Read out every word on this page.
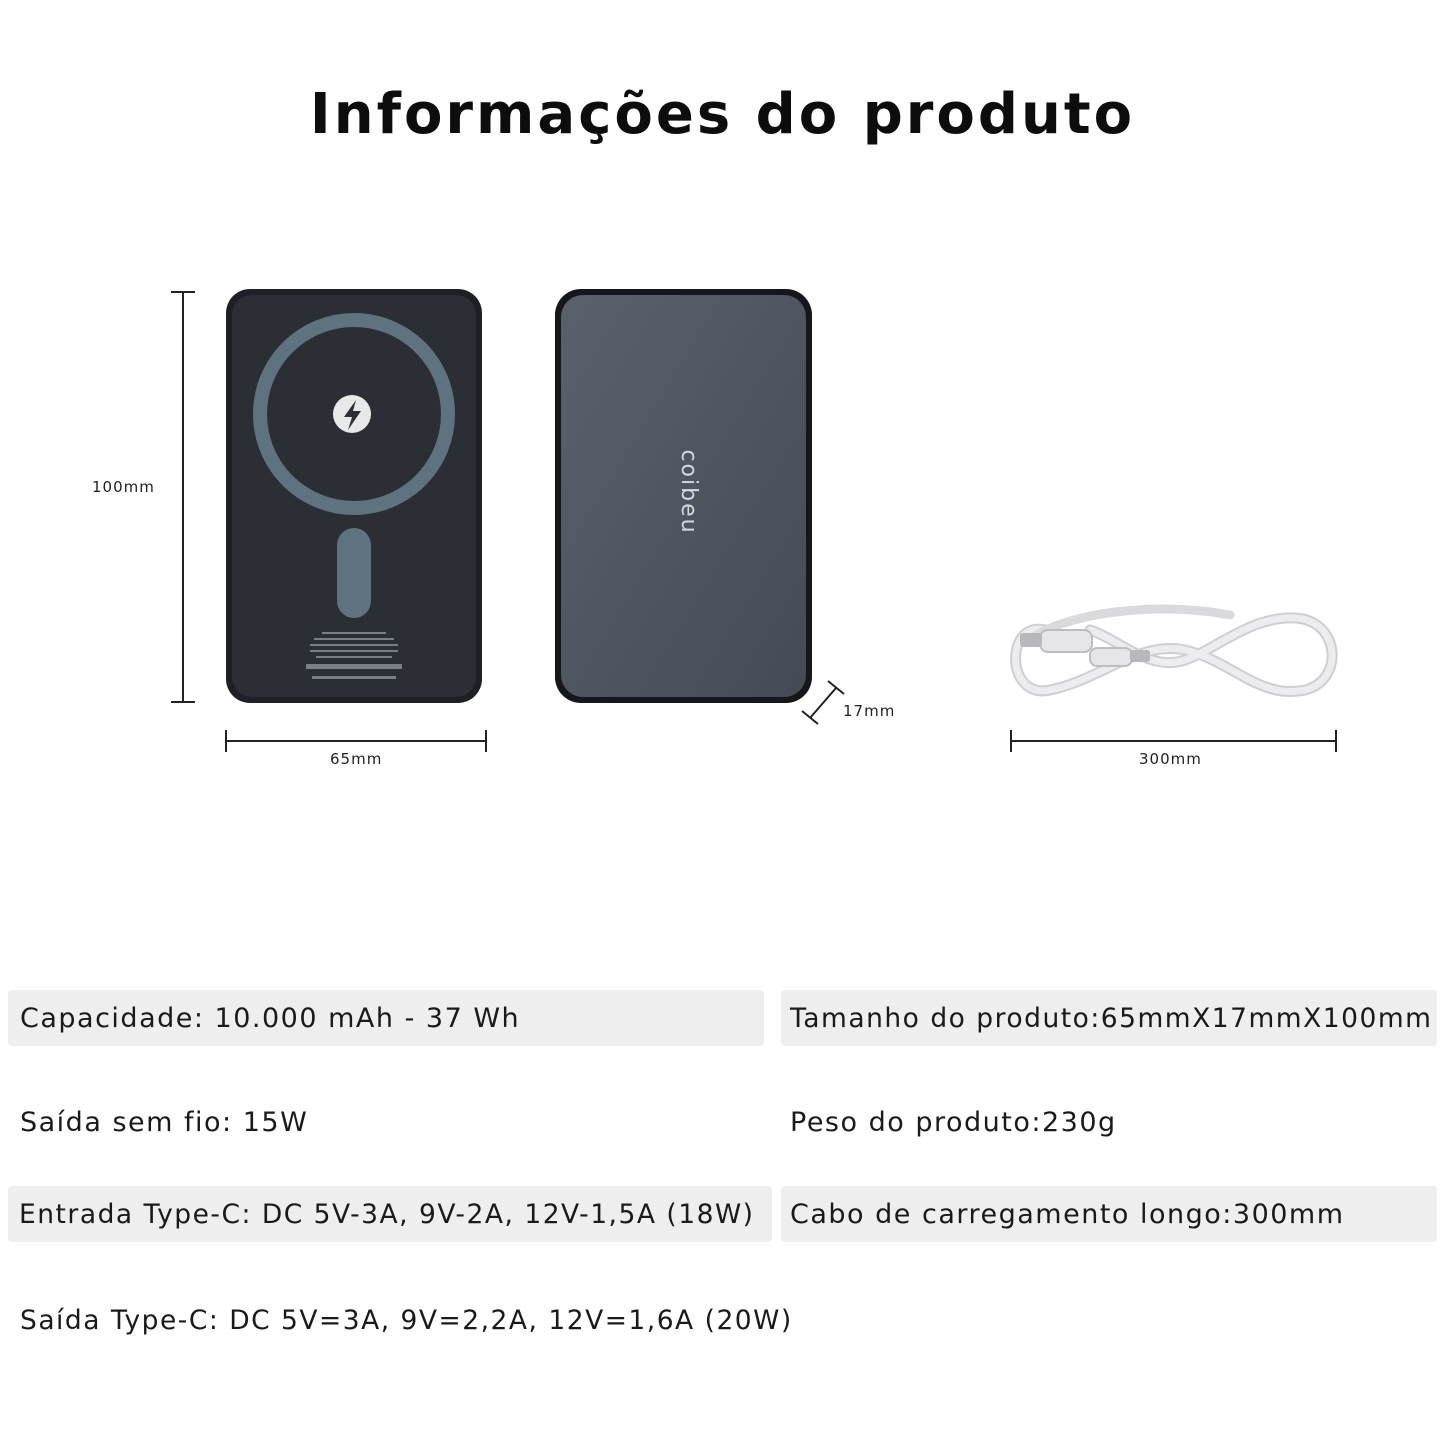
Informações do produto
coibeu
100mm
65mm
17mm
300mm
Capacidade: 10.000 mAh - 37 Wh	Tamanho do produto:65mmX17mmX100mm
Saída sem fio: 15W	Peso do produto:230g
Entrada Type-C: DC 5V-3A, 9V-2A, 12V-1,5A (18W)	Cabo de carregamento longo:300mm
Saída Type-C: DC 5V=3A, 9V=2,2A, 12V=1,6A (20W)
